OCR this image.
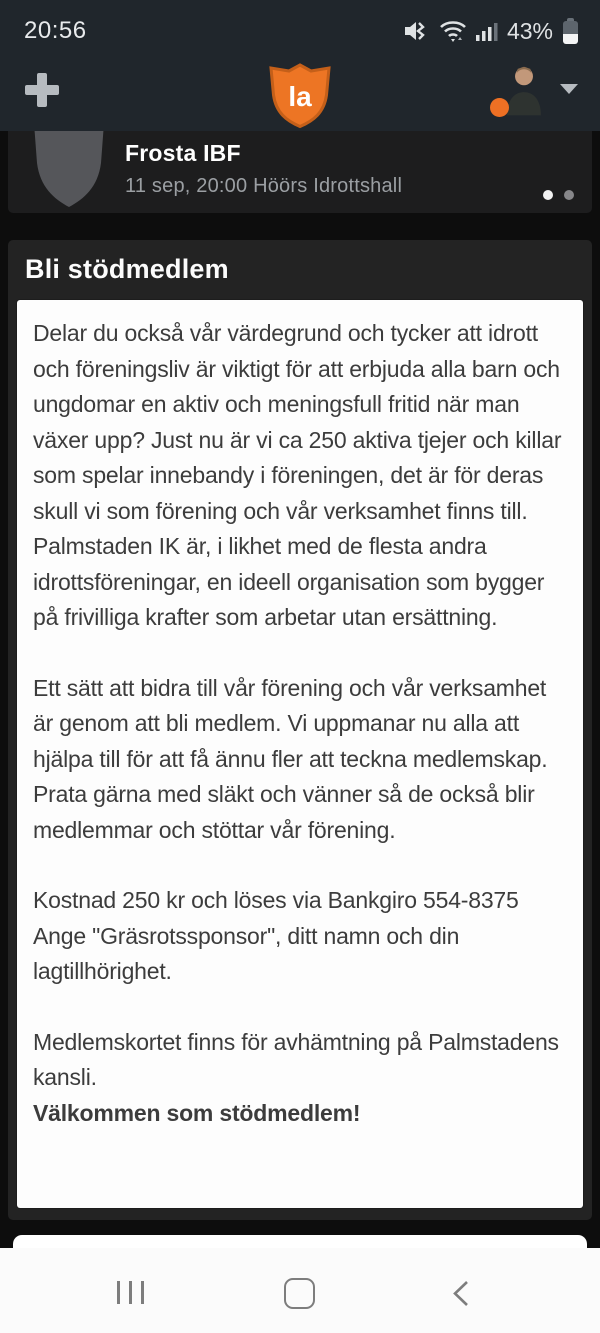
20:56	43%
la
Frosta IBF
11 sep, 20:00 Höörs Idrottshall
Bli stödmedlem

Delar du också vår värdegrund och tycker att idrott och föreningsliv är viktigt för att erbjuda alla barn och ungdomar en aktiv och meningsfull fritid när man växer upp? Just nu är vi ca 250 aktiva tjejer och killar som spelar innebandy i föreningen, det är för deras skull vi som förening och vår verksamhet finns till. Palmstaden IK är, i likhet med de flesta andra idrottsföreningar, en ideell organisation som bygger på frivilliga krafter som arbetar utan ersättning.

Ett sätt att bidra till vår förening och vår verksamhet är genom att bli medlem. Vi uppmanar nu alla att hjälpa till för att få ännu fler att teckna medlemskap. Prata gärna med släkt och vänner så de också blir medlemmar och stöttar vår förening.

Kostnad 250 kr och löses via Bankgiro 554-8375 Ange "Gräsrotssponsor", ditt namn och din lagtillhörighet.

Medlemskortet finns för avhämtning på Palmstadens kansli.

Välkommen som stödmedlem!
